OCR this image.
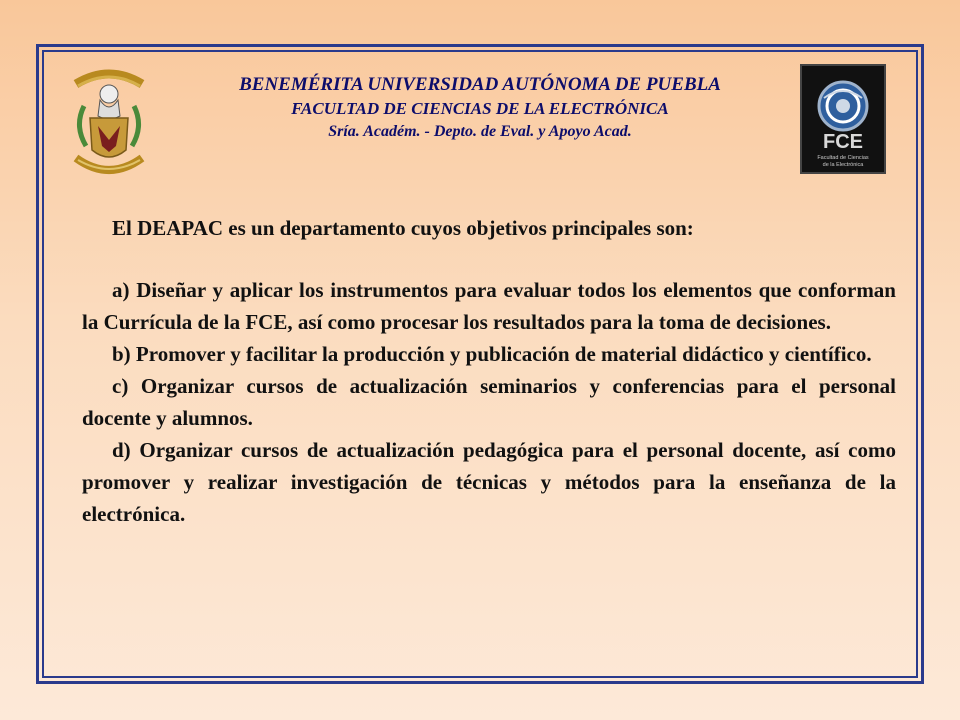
FCE
Facultad de Ciencias
de la Electrónica
BENEMÉRITA UNIVERSIDAD AUTÓNOMA DE PUEBLA
FACULTAD DE CIENCIAS DE LA ELECTRÓNICA
Sría. Académ. - Depto. de Eval. y Apoyo Acad.
El DEAPAC es un departamento cuyos objetivos principales son:

a) Diseñar y aplicar los instrumentos para evaluar todos los elementos que conforman la Currícula de la FCE, así como procesar los resultados para la toma de decisiones.

b) Promover y facilitar la producción y publicación de material didáctico y científico.

c) Organizar cursos de actualización seminarios y conferencias para el personal docente y alumnos.

d) Organizar cursos de actualización pedagógica para el personal docente, así como promover y realizar investigación de técnicas y métodos para la enseñanza de la electrónica.
